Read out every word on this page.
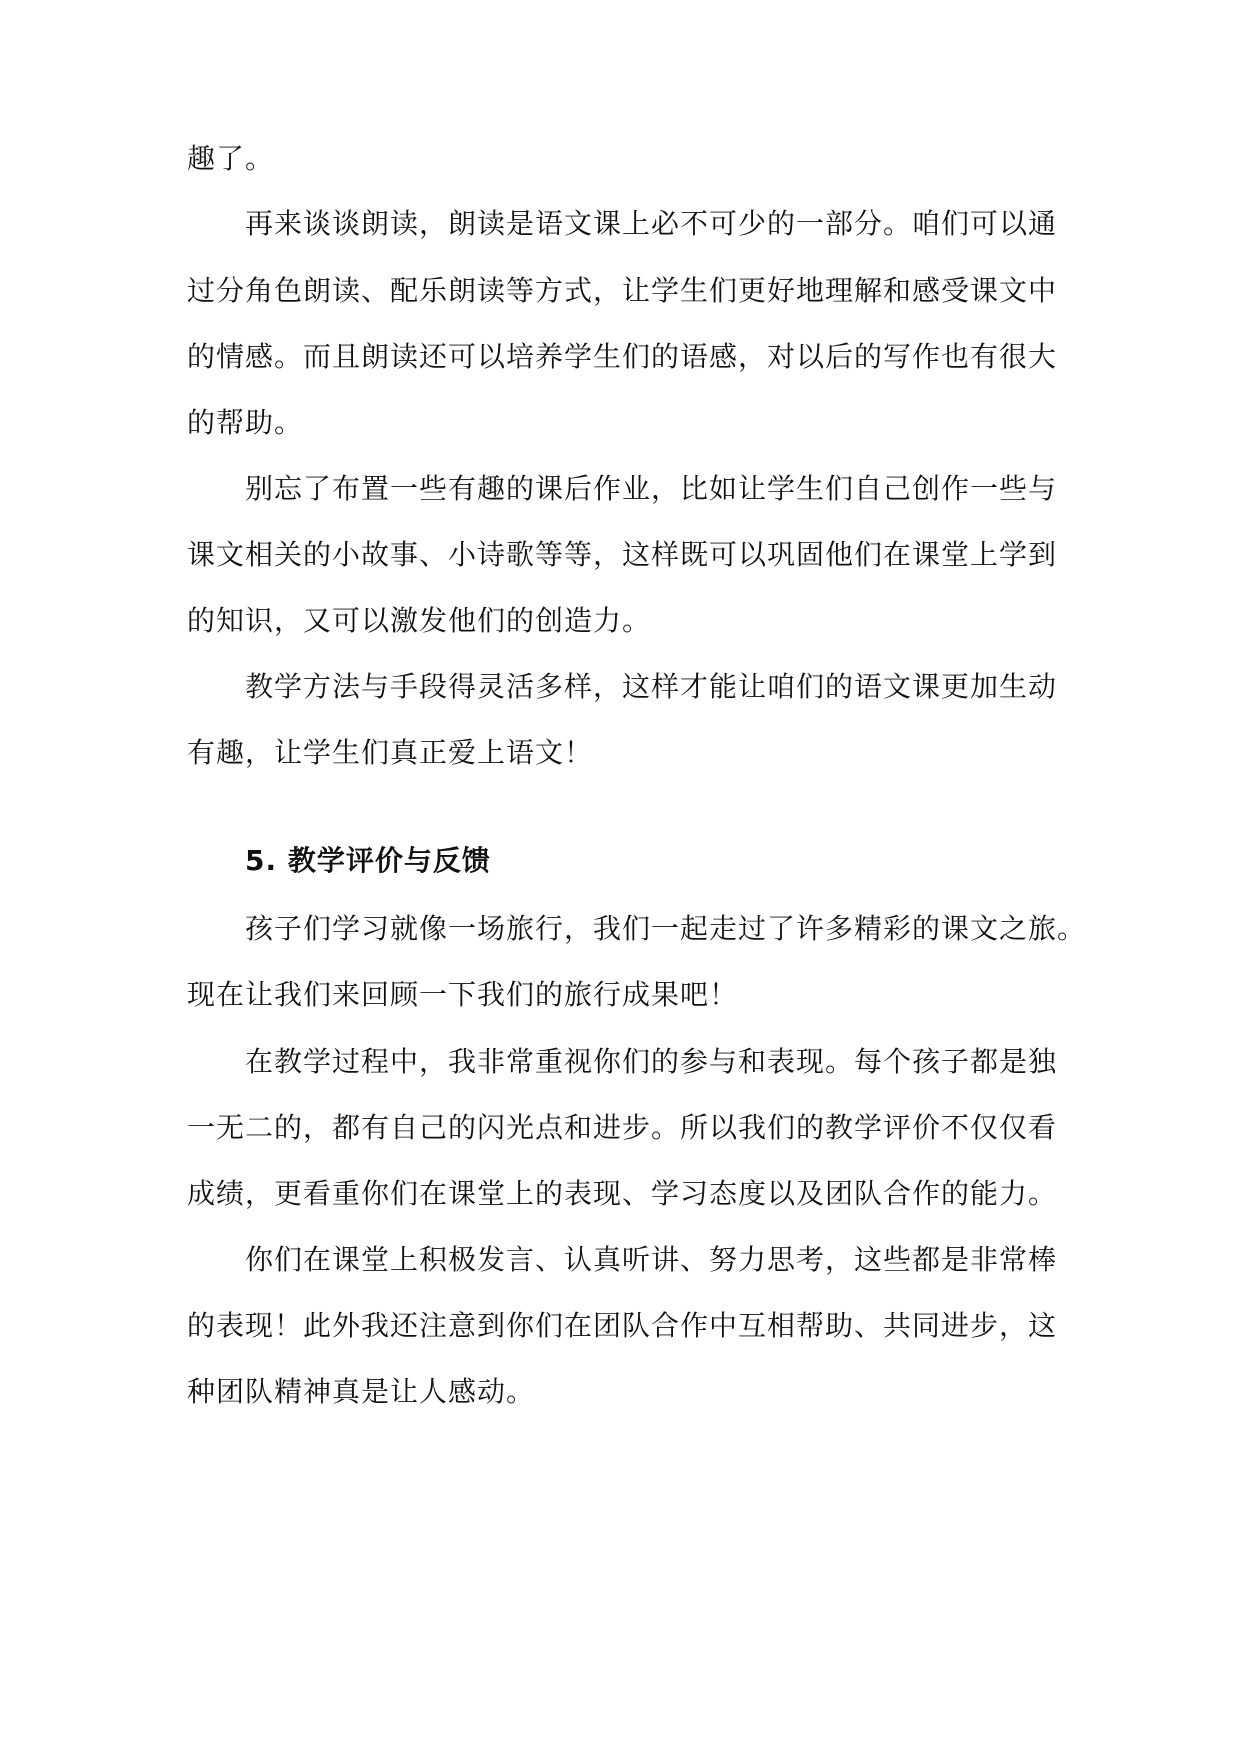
趣了。
再来谈谈朗读，朗读是语文课上必不可少的一部分。咱们可以通
过分角色朗读、配乐朗读等方式，让学生们更好地理解和感受课文中
的情感。而且朗读还可以培养学生们的语感，对以后的写作也有很大
的帮助。
别忘了布置一些有趣的课后作业，比如让学生们自己创作一些与
课文相关的小故事、小诗歌等等，这样既可以巩固他们在课堂上学到
的知识，又可以激发他们的创造力。
教学方法与手段得灵活多样，这样才能让咱们的语文课更加生动
有趣，让学生们真正爱上语文！
5. 教学评价与反馈
孩子们学习就像一场旅行，我们一起走过了许多精彩的课文之旅。
现在让我们来回顾一下我们的旅行成果吧！
在教学过程中，我非常重视你们的参与和表现。每个孩子都是独
一无二的，都有自己的闪光点和进步。所以我们的教学评价不仅仅看
成绩，更看重你们在课堂上的表现、学习态度以及团队合作的能力。
你们在课堂上积极发言、认真听讲、努力思考，这些都是非常棒
的表现！此外我还注意到你们在团队合作中互相帮助、共同进步，这
种团队精神真是让人感动。
